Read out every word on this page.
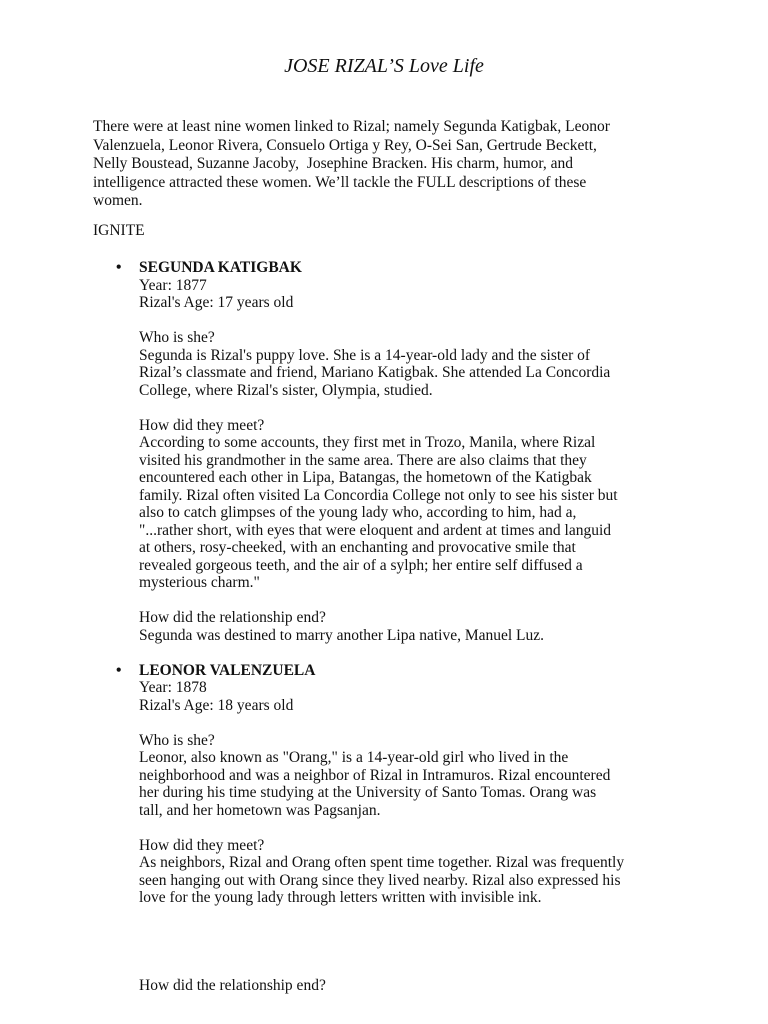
JOSE RIZAL’S Love Life
There were at least nine women linked to Rizal; namely Segunda Katigbak, Leonor
Valenzuela, Leonor Rivera, Consuelo Ortiga y Rey, O-Sei San, Gertrude Beckett,
Nelly Boustead, Suzanne Jacoby,  Josephine Bracken. His charm, humor, and
intelligence attracted these women. We’ll tackle the FULL descriptions of these
women.
IGNITE
• SEGUNDA KATIGBAK
Year: 1877
Rizal's Age: 17 years old
Who is she?
Segunda is Rizal's puppy love. She is a 14-year-old lady and the sister of
Rizal’s classmate and friend, Mariano Katigbak. She attended La Concordia
College, where Rizal's sister, Olympia, studied.
How did they meet?
According to some accounts, they first met in Trozo, Manila, where Rizal
visited his grandmother in the same area. There are also claims that they
encountered each other in Lipa, Batangas, the hometown of the Katigbak
family. Rizal often visited La Concordia College not only to see his sister but
also to catch glimpses of the young lady who, according to him, had a,
"...rather short, with eyes that were eloquent and ardent at times and languid
at others, rosy-cheeked, with an enchanting and provocative smile that
revealed gorgeous teeth, and the air of a sylph; her entire self diffused a
mysterious charm."
How did the relationship end?
Segunda was destined to marry another Lipa native, Manuel Luz.
• LEONOR VALENZUELA
Year: 1878
Rizal's Age: 18 years old
Who is she?
Leonor, also known as "Orang," is a 14-year-old girl who lived in the
neighborhood and was a neighbor of Rizal in Intramuros. Rizal encountered
her during his time studying at the University of Santo Tomas. Orang was
tall, and her hometown was Pagsanjan.
How did they meet?
As neighbors, Rizal and Orang often spent time together. Rizal was frequently
seen hanging out with Orang since they lived nearby. Rizal also expressed his
love for the young lady through letters written with invisible ink.
How did the relationship end?
